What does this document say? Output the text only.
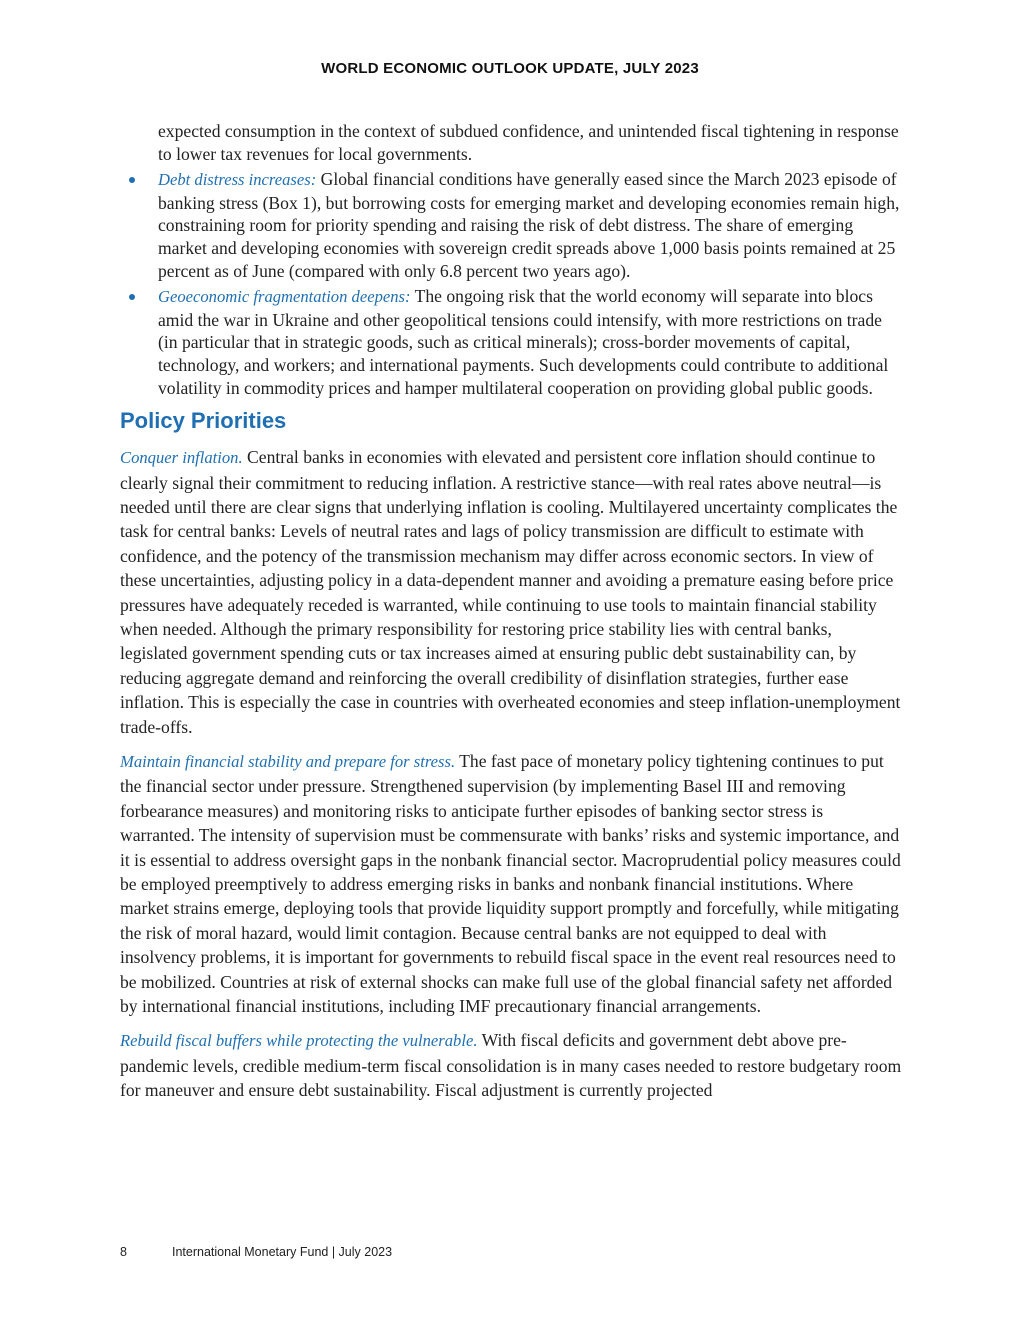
WORLD ECONOMIC OUTLOOK UPDATE, JULY 2023
expected consumption in the context of subdued confidence, and unintended fiscal tightening in response to lower tax revenues for local governments.
Debt distress increases: Global financial conditions have generally eased since the March 2023 episode of banking stress (Box 1), but borrowing costs for emerging market and developing economies remain high, constraining room for priority spending and raising the risk of debt distress. The share of emerging market and developing economies with sovereign credit spreads above 1,000 basis points remained at 25 percent as of June (compared with only 6.8 percent two years ago).
Geoeconomic fragmentation deepens: The ongoing risk that the world economy will separate into blocs amid the war in Ukraine and other geopolitical tensions could intensify, with more restrictions on trade (in particular that in strategic goods, such as critical minerals); cross-border movements of capital, technology, and workers; and international payments. Such developments could contribute to additional volatility in commodity prices and hamper multilateral cooperation on providing global public goods.
Policy Priorities

Conquer inflation. Central banks in economies with elevated and persistent core inflation should continue to clearly signal their commitment to reducing inflation. A restrictive stance—with real rates above neutral—is needed until there are clear signs that underlying inflation is cooling. Multilayered uncertainty complicates the task for central banks: Levels of neutral rates and lags of policy transmission are difficult to estimate with confidence, and the potency of the transmission mechanism may differ across economic sectors. In view of these uncertainties, adjusting policy in a data-dependent manner and avoiding a premature easing before price pressures have adequately receded is warranted, while continuing to use tools to maintain financial stability when needed. Although the primary responsibility for restoring price stability lies with central banks, legislated government spending cuts or tax increases aimed at ensuring public debt sustainability can, by reducing aggregate demand and reinforcing the overall credibility of disinflation strategies, further ease inflation. This is especially the case in countries with overheated economies and steep inflation-unemployment trade-offs.

Maintain financial stability and prepare for stress. The fast pace of monetary policy tightening continues to put the financial sector under pressure. Strengthened supervision (by implementing Basel III and removing forbearance measures) and monitoring risks to anticipate further episodes of banking sector stress is warranted. The intensity of supervision must be commensurate with banks’ risks and systemic importance, and it is essential to address oversight gaps in the nonbank financial sector. Macroprudential policy measures could be employed preemptively to address emerging risks in banks and nonbank financial institutions. Where market strains emerge, deploying tools that provide liquidity support promptly and forcefully, while mitigating the risk of moral hazard, would limit contagion. Because central banks are not equipped to deal with insolvency problems, it is important for governments to rebuild fiscal space in the event real resources need to be mobilized. Countries at risk of external shocks can make full use of the global financial safety net afforded by international financial institutions, including IMF precautionary financial arrangements.

Rebuild fiscal buffers while protecting the vulnerable. With fiscal deficits and government debt above pre-pandemic levels, credible medium-term fiscal consolidation is in many cases needed to restore budgetary room for maneuver and ensure debt sustainability. Fiscal adjustment is currently projected

8	International Monetary Fund | July 2023
